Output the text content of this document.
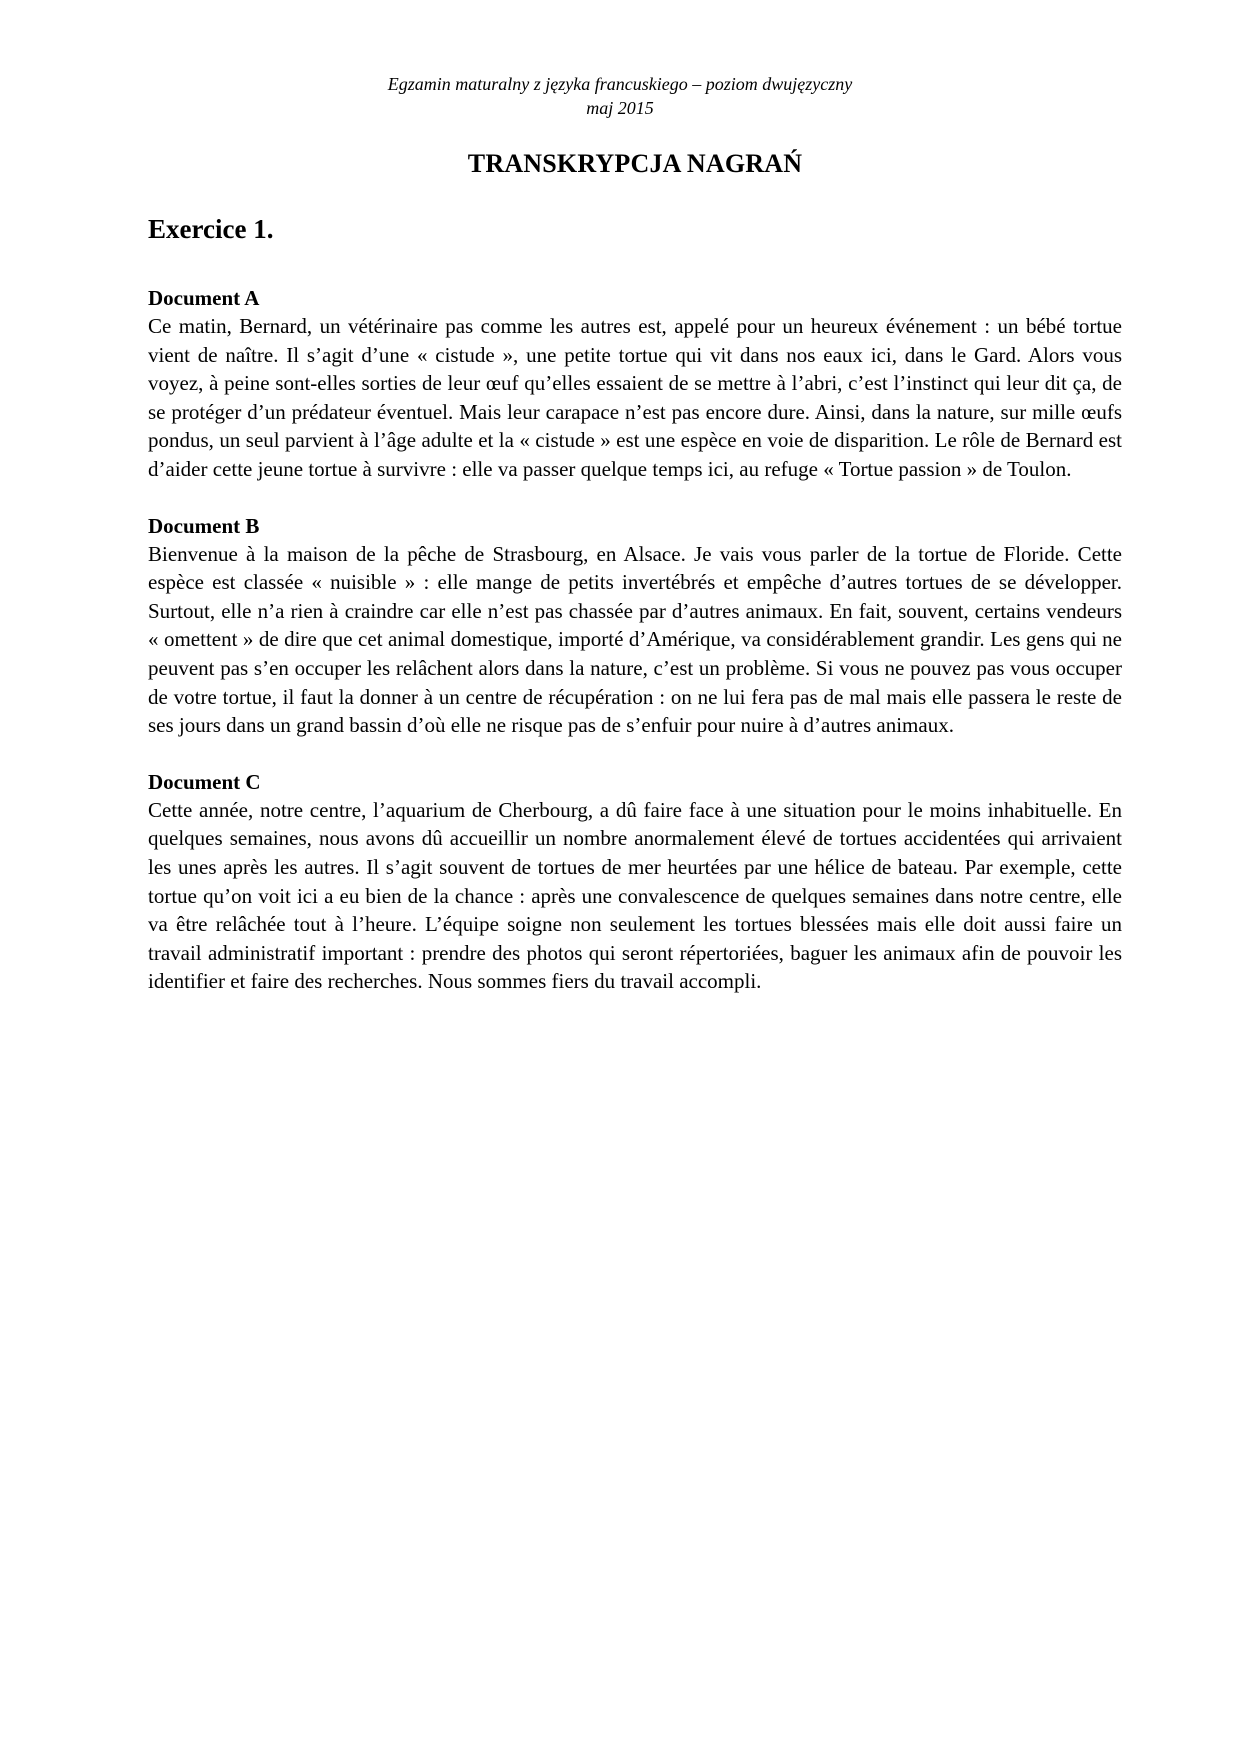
Egzamin maturalny z języka francuskiego – poziom dwujęzyczny
maj 2015
TRANSKRYPCJA NAGRAŃ
Exercice 1.

Document A

Ce matin, Bernard, un vétérinaire pas comme les autres est, appelé pour un heureux événement : un bébé tortue vient de naître. Il s’agit d’une « cistude », une petite tortue qui vit dans nos eaux ici, dans le Gard. Alors vous voyez, à peine sont-elles sorties de leur œuf qu’elles essaient de se mettre à l’abri, c’est l’instinct qui leur dit ça, de se protéger d’un prédateur éventuel. Mais leur carapace n’est pas encore dure. Ainsi, dans la nature, sur mille œufs pondus, un seul parvient à l’âge adulte et la « cistude » est une espèce en voie de disparition. Le rôle de Bernard est d’aider cette jeune tortue à survivre : elle va passer quelque temps ici, au refuge « Tortue passion » de Toulon.

Document B

Bienvenue à la maison de la pêche de Strasbourg, en Alsace. Je vais vous parler de la tortue de Floride. Cette espèce est classée « nuisible » : elle mange de petits invertébrés et empêche d’autres tortues de se développer. Surtout, elle n’a rien à craindre car elle n’est pas chassée par d’autres animaux. En fait, souvent, certains vendeurs « omettent » de dire que cet animal domestique, importé d’Amérique, va considérablement grandir. Les gens qui ne peuvent pas s’en occuper les relâchent alors dans la nature, c’est un problème. Si vous ne pouvez pas vous occuper de votre tortue, il faut la donner à un centre de récupération : on ne lui fera pas de mal mais elle passera le reste de ses jours dans un grand bassin d’où elle ne risque pas de s’enfuir pour nuire à d’autres animaux.

Document C

Cette année, notre centre, l’aquarium de Cherbourg, a dû faire face à une situation pour le moins inhabituelle. En quelques semaines, nous avons dû accueillir un nombre anormalement élevé de tortues accidentées qui arrivaient les unes après les autres. Il s’agit souvent de tortues de mer heurtées par une hélice de bateau. Par exemple, cette tortue qu’on voit ici a eu bien de la chance : après une convalescence de quelques semaines dans notre centre, elle va être relâchée tout à l’heure. L’équipe soigne non seulement les tortues blessées mais elle doit aussi faire un travail administratif important : prendre des photos qui seront répertoriées, baguer les animaux afin de pouvoir les identifier et faire des recherches. Nous sommes fiers du travail accompli.
